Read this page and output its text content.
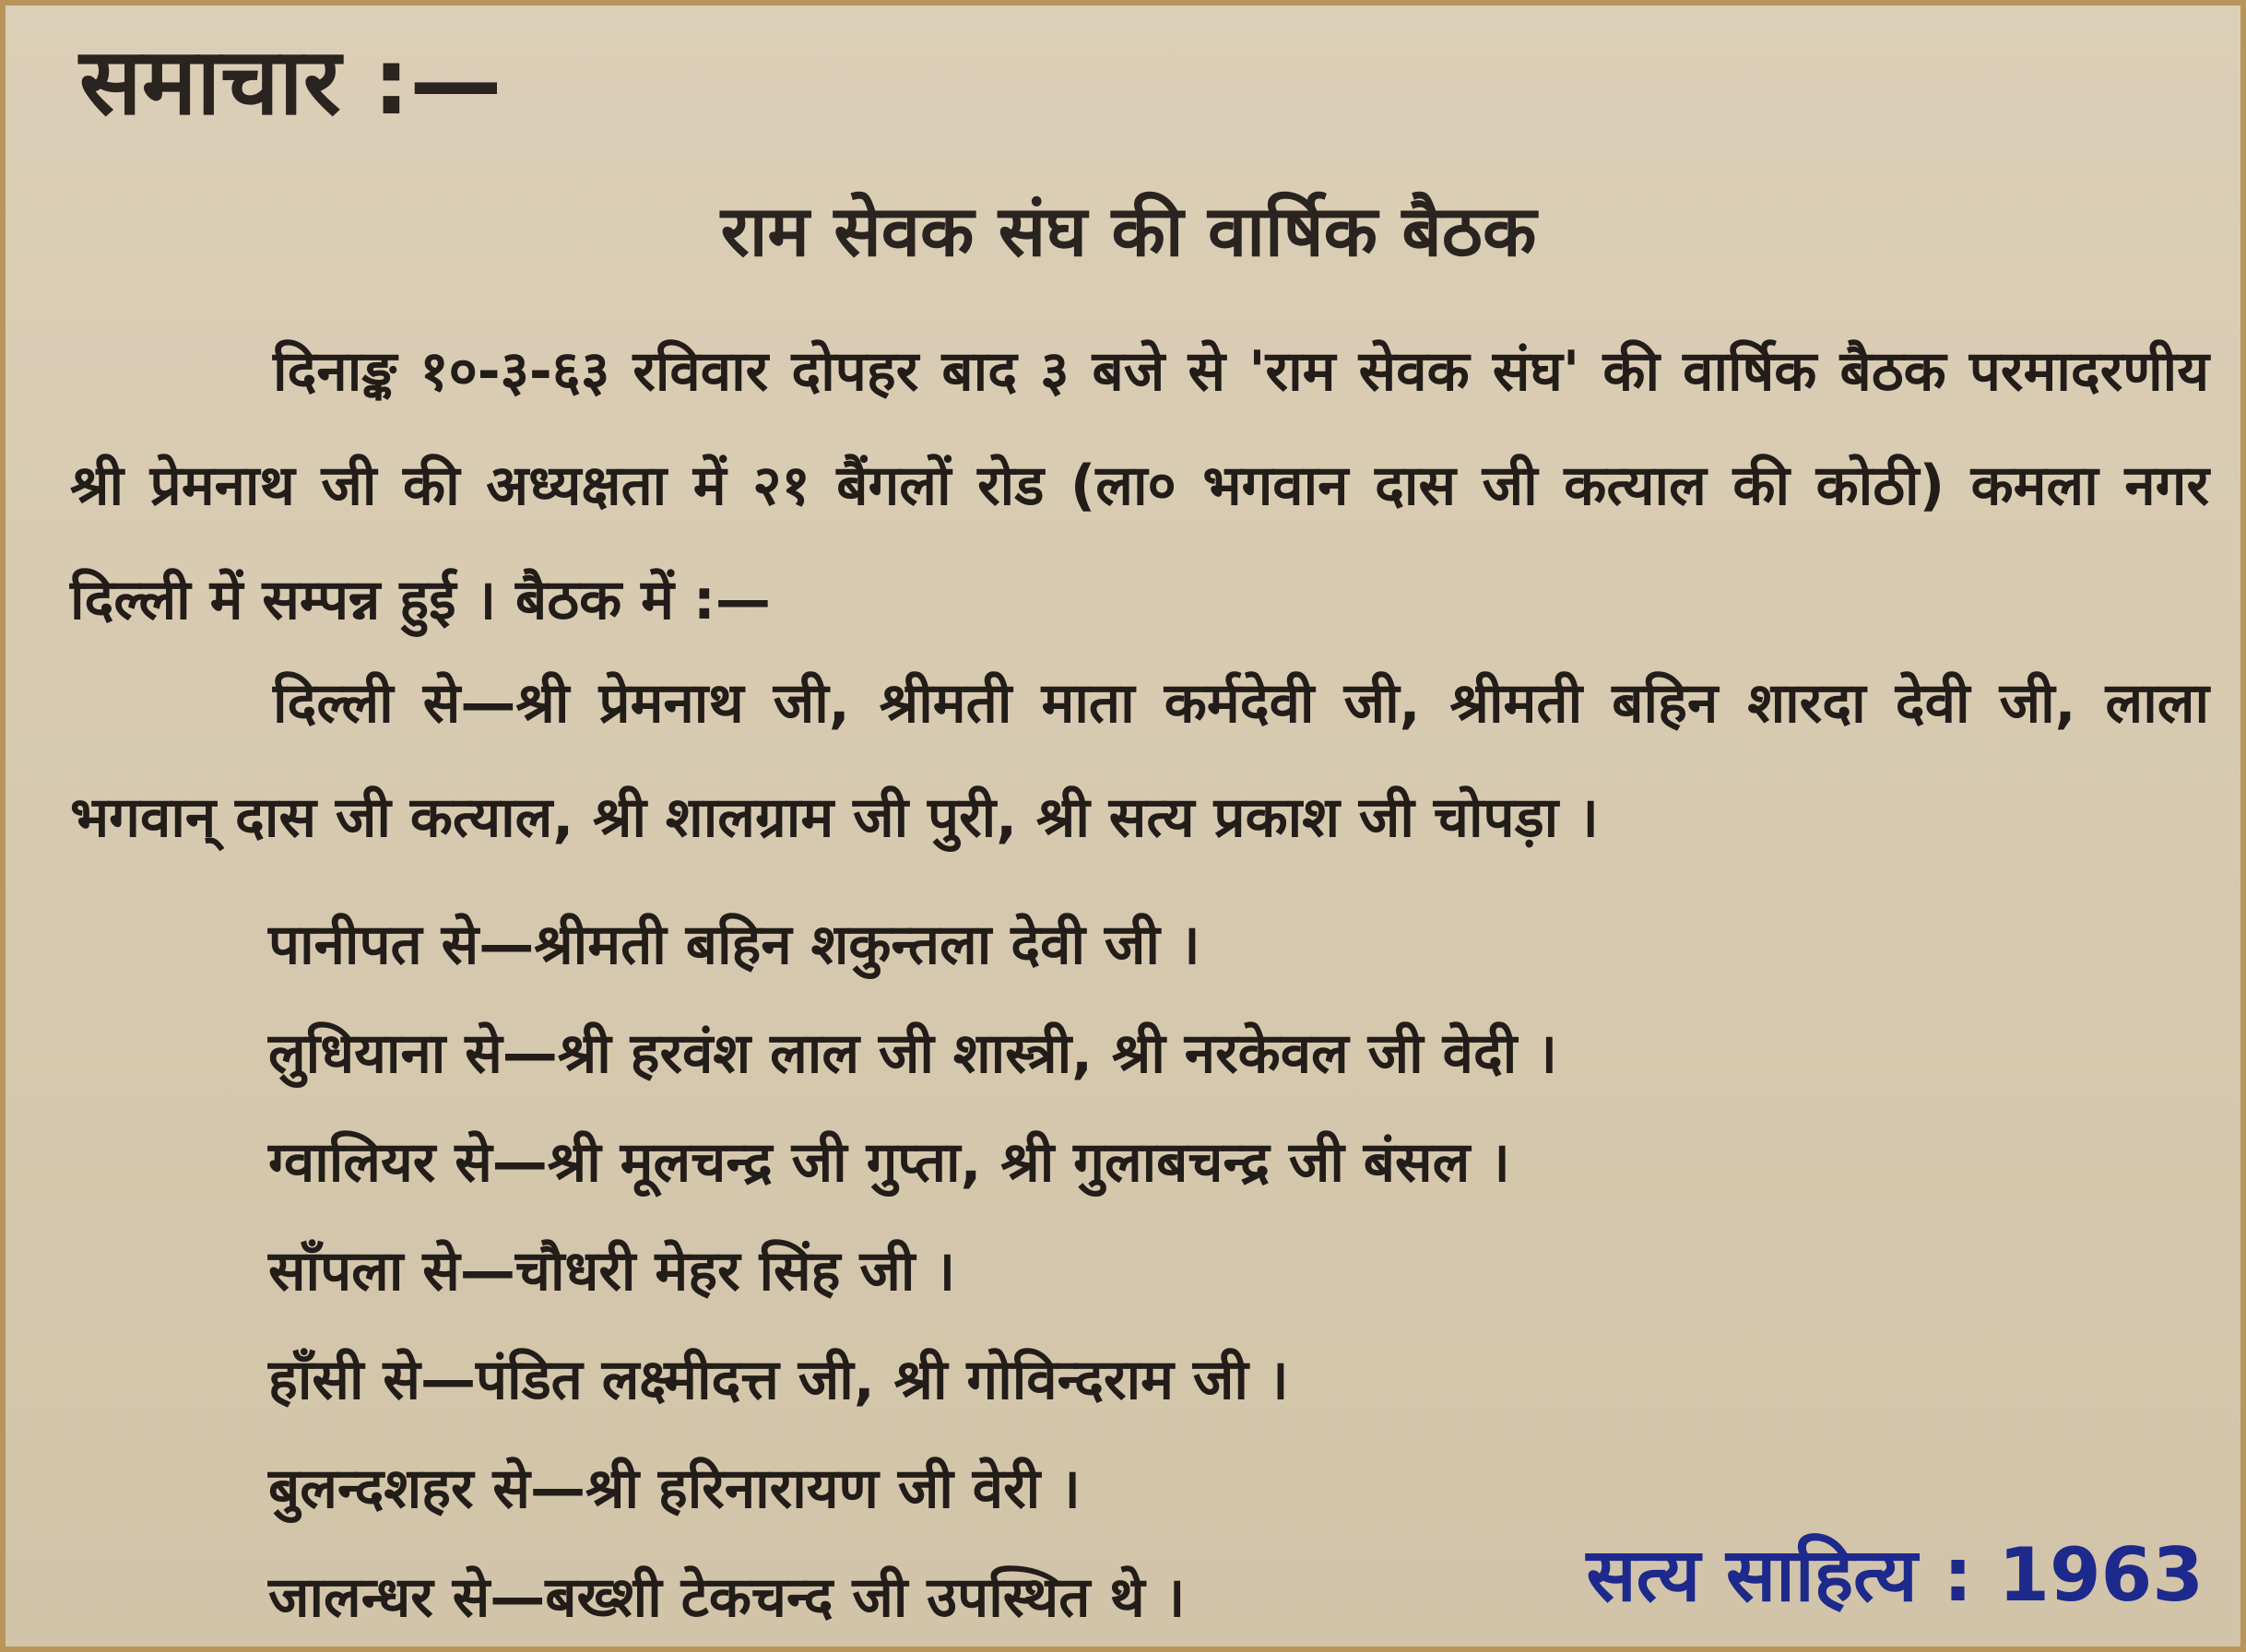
समाचार :—
राम सेवक संघ की वार्षिक बैठक
दिनाङ्क १०-३-६३ रविवार दोपहर बाद ३ बजे से 'राम सेवक संघ' की वार्षिक बैठक परमादरणीय श्री प्रेमनाथ जी की अध्यक्षता में २१ बैंगलों रोड (ला० भगवान दास जी कत्याल की कोठी) कमला नगर दिल्ली में सम्पन्न हुई । बैठक में :—
दिल्ली से—श्री प्रेमनाथ जी, श्रीमती माता कर्मदेवी जी, श्रीमती बहिन शारदा देवी जी, लाला भगवान् दास जी कत्याल, श्री शालग्राम जी पुरी, श्री सत्य प्रकाश जी चोपड़ा ।
पानीपत से—श्रीमती बहिन शकुन्तला देवी जी ।
लुधियाना से—श्री हरवंश लाल जी शास्त्री, श्री नरकेवल जी वेदी ।
ग्वालियर से—श्री मूलचन्द्र जी गुप्ता, श्री गुलाबचन्द्र जी बंसल ।
साँपला से—चौधरी मेहर सिंह जी ।
हाँसी से—पंडित लक्ष्मीदत्त जी, श्री गोविन्दराम जी ।
बुलन्दशहर से—श्री हरिनारायण जी वेरी ।
जालन्धर से—बख्शी टेकचन्द जी उपस्थित थे ।	सत्य साहित्य : 1963
